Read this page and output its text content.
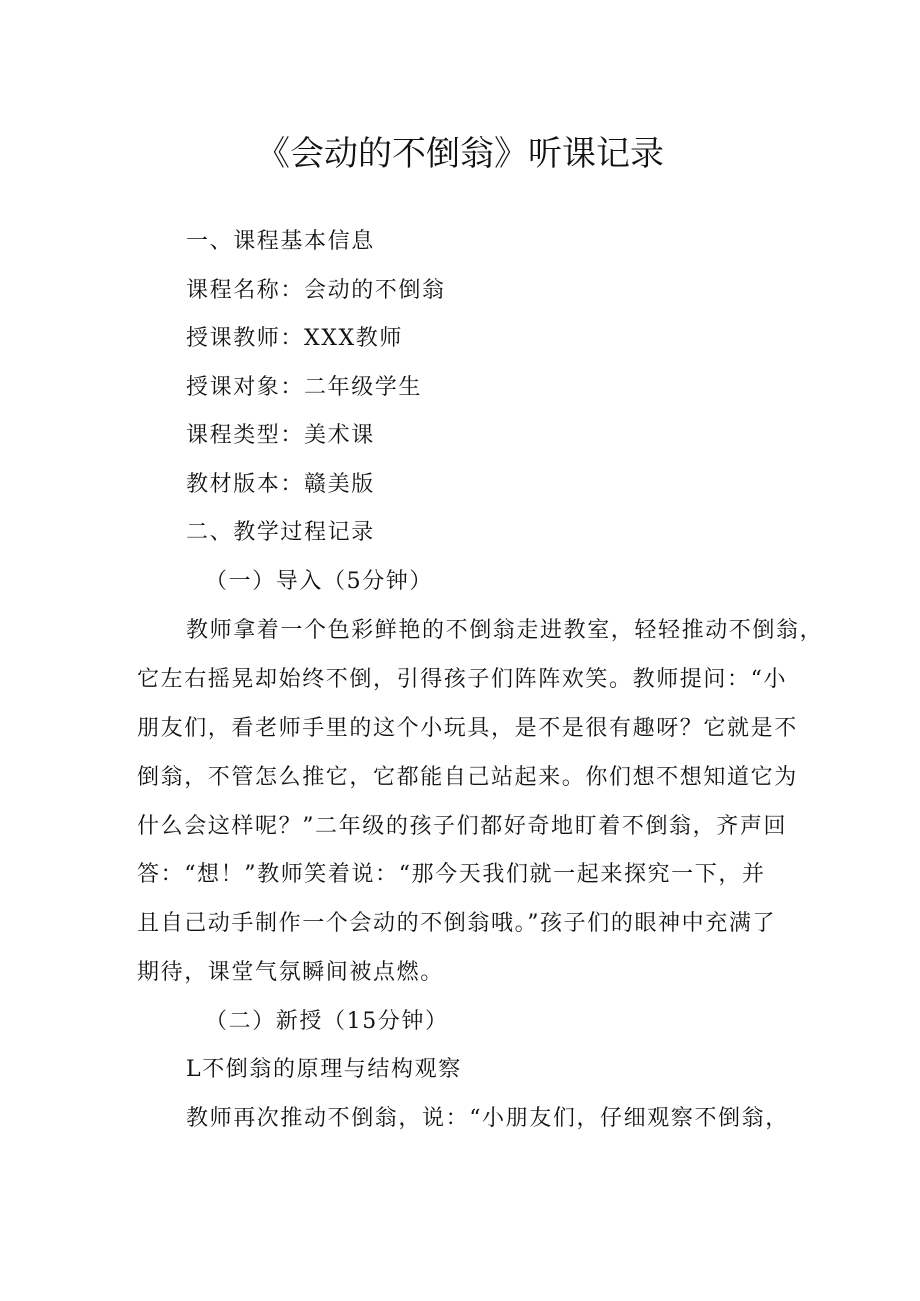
《会动的不倒翁》听课记录
一、课程基本信息
课程名称：会动的不倒翁
授课教师：XXX教师
授课对象：二年级学生
课程类型：美术课
教材版本：赣美版
二、教学过程记录
（一）导入（5分钟）
教师拿着一个色彩鲜艳的不倒翁走进教室，轻轻推动不倒翁，
它左右摇晃却始终不倒，引得孩子们阵阵欢笑。教师提问：“小
朋友们，看老师手里的这个小玩具，是不是很有趣呀？它就是不
倒翁，不管怎么推它，它都能自己站起来。你们想不想知道它为
什么会这样呢？”二年级的孩子们都好奇地盯着不倒翁，齐声回
答：“想！”教师笑着说：“那今天我们就一起来探究一下，并
且自己动手制作一个会动的不倒翁哦。”孩子们的眼神中充满了
期待，课堂气氛瞬间被点燃。
（二）新授（15分钟）
L不倒翁的原理与结构观察
教师再次推动不倒翁，说：“小朋友们，仔细观察不倒翁，
